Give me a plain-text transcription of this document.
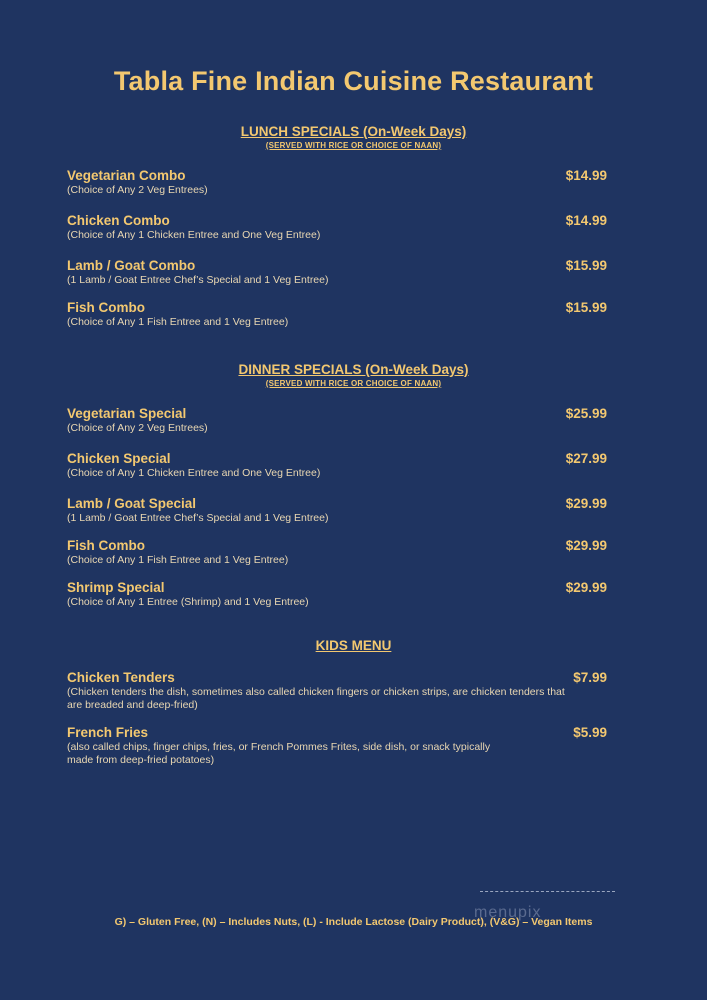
Tabla Fine Indian Cuisine Restaurant
LUNCH SPECIALS (On-Week Days)
(SERVED WITH RICE OR CHOICE OF NAAN)
Vegetarian Combo
(Choice of Any 2 Veg Entrees)
$14.99
Chicken Combo
(Choice of Any 1 Chicken Entree and One Veg Entree)
$14.99
Lamb / Goat Combo
(1 Lamb / Goat Entree Chef’s Special and 1 Veg Entree)
$15.99
Fish Combo
(Choice of Any 1 Fish Entree and 1 Veg Entree)
$15.99
DINNER SPECIALS (On-Week Days)
(SERVED WITH RICE OR CHOICE OF NAAN)
Vegetarian Special
(Choice of Any 2 Veg Entrees)
$25.99
Chicken Special
(Choice of Any 1 Chicken Entree and One Veg Entree)
$27.99
Lamb / Goat Special
(1 Lamb / Goat Entree Chef’s Special and 1 Veg Entree)
$29.99
Fish Combo
(Choice of Any 1 Fish Entree and 1 Veg Entree)
$29.99
Shrimp Special
(Choice of Any 1 Entree (Shrimp) and 1 Veg Entree)
$29.99
KIDS MENU
Chicken Tenders
(Chicken tenders the dish, sometimes also called chicken fingers or chicken strips, are chicken tenders that are breaded and deep-fried)
$7.99
French Fries
(also called chips, finger chips, fries, or French Pommes Frites, side dish, or snack typically made from deep-fried potatoes)
$5.99
menupix
G) – Gluten Free, (N) – Includes Nuts, (L) - Include Lactose (Dairy Product), (V&G) – Vegan Items
